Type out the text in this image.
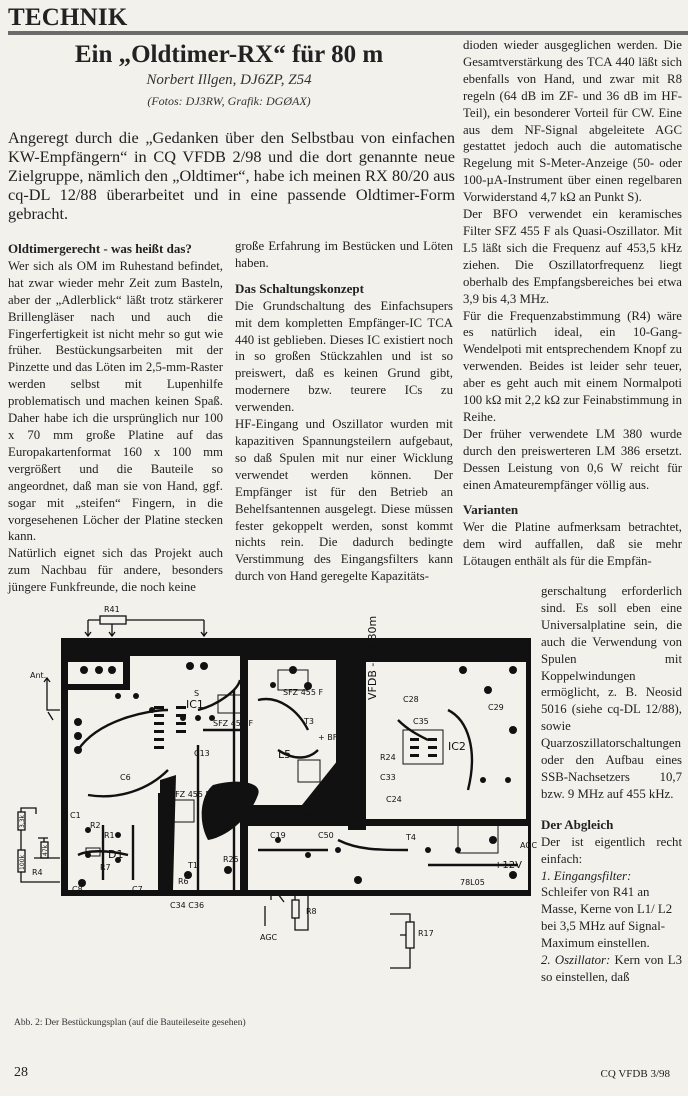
TECHNIK
Ein „Oldtimer-RX“ für 80 m
Norbert Illgen, DJ6ZP, Z54
(Fotos: DJ3RW, Grafik: DGØAX)
Angeregt durch die „Gedanken über den Selbstbau von einfachen KW-Empfängern“ in CQ VFDB 2/98 und die dort genannte neue Zielgruppe, nämlich den „Oldtimer“, habe ich meinen RX 80/20 aus cq-DL 12/88 überarbeitet und in eine passende Oldtimer-Form gebracht.
Oldtimergerecht - was heißt das?

Wer sich als OM im Ruhestand befindet, hat zwar wieder mehr Zeit zum Basteln, aber der „Adlerblick“ läßt trotz stärkerer Brillengläser nach und auch die Fingerfertigkeit ist nicht mehr so gut wie früher. Bestückungsarbeiten mit der Pinzette und das Löten im 2,5-mm-Raster werden selbst mit Lupenhilfe problematisch und machen keinen Spaß. Daher habe ich die ursprünglich nur 100 x 70 mm große Platine auf das Europakartenformat 160 x 100 mm vergrößert und die Bauteile so angeordnet, daß man sie von Hand, ggf. sogar mit „steifen“ Fingern, in die vorgesehenen Löcher der Platine stecken kann.

Natürlich eignet sich das Projekt auch zum Nachbau für andere, besonders jüngere Funkfreunde, die noch keine

große Erfahrung im Bestücken und Löten haben.

Das Schaltungskonzept

Die Grundschaltung des Einfachsupers mit dem kompletten Empfänger-IC TCA 440 ist geblieben. Dieses IC existiert noch in so großen Stückzahlen und ist so preiswert, daß es keinen Grund gibt, modernere bzw. teurere ICs zu verwenden.

HF-Eingang und Oszillator wurden mit kapazitiven Spannungsteilern aufgebaut, so daß Spulen mit nur einer Wicklung verwendet werden können. Der Empfänger ist für den Betrieb an Behelfsantennen ausgelegt. Diese müssen fester gekoppelt werden, sonst kommt nichts rein. Die dadurch bedingte Verstimmung des Eingangsfilters kann durch von Hand geregelte Kapazitäts-

dioden wieder ausgeglichen werden. Die Gesamtverstärkung des TCA 440 läßt sich ebenfalls von Hand, und zwar mit R8 regeln (64 dB im ZF- und 36 dB im HF-Teil), ein besonderer Vorteil für CW. Eine aus dem NF-Signal abgeleitete AGC gestattet jedoch auch die automatische Regelung mit S-Meter-Anzeige (50- oder 100-µA-Instrument über einen regelbaren Vorwiderstand 4,7 kΩ an Punkt S).

Der BFO verwendet ein keramisches Filter SFZ 455 F als Quasi-Oszillator. Mit L5 läßt sich die Frequenz auf 453,5 kHz ziehen. Die Oszillatorfrequenz liegt oberhalb des Empfangsbereiches bei etwa 3,9 bis 4,3 MHz.

Für die Frequenzabstimmung (R4) wäre es natürlich ideal, ein 10-Gang-Wendelpoti mit entsprechendem Knopf zu verwenden. Beides ist leider sehr teuer, aber es geht auch mit einem Normalpoti 100 kΩ mit 2,2 kΩ zur Feinabstimmung in Reihe.

Der früher verwendete LM 380 wurde durch den preiswerteren LM 386 ersetzt. Dessen Leistung von 0,6 W reicht für einen Amateurempfänger völlig aus.

Varianten

Wer die Platine aufmerksam betrachtet, dem wird auffallen, daß sie mehr Lötaugen enthält als für die Empfän-

gerschaltung erforderlich sind. Es soll eben eine Universalplatine sein, die auch die Verwendung von Spulen mit Koppelwindungen ermöglicht, z. B. Neosid 5016 (siehe cq-DL 12/88), sowie Quarzoszillatorschaltungen oder den Aufbau eines SSB-Nachsetzers 10,7 bzw. 9 MHz auf 455 kHz.

Der Abgleich

Der ist eigentlich recht einfach:

1. Eingangsfilter:
Schleifer von R41 an Masse, Kerne von L1/ L2 bei 3,5 MHz auf Signal-Maximum einstellen.

2. Oszillator: Kern von L3 so einstellen, daß

R41
Ant.
S
IC1
SFZ 455 F
SFZ 455 F
SFZ 455 F
L5
T3
+ BFO
VFDB - RX 80m
R24
IC2
C28
C29
C35
C33
C24
R2
R1
D1
D2
R7
R6
R25
C8	C7
C1
C6
C13
T1
T4
C19	C50
78L05
C34 C36
R8
R17
AGC
AGC
+12V
R4
3,3k
100k
47k
Abb. 2: Der Bestückungsplan (auf die Bauteileseite gesehen)
28	CQ VFDB 3/98
